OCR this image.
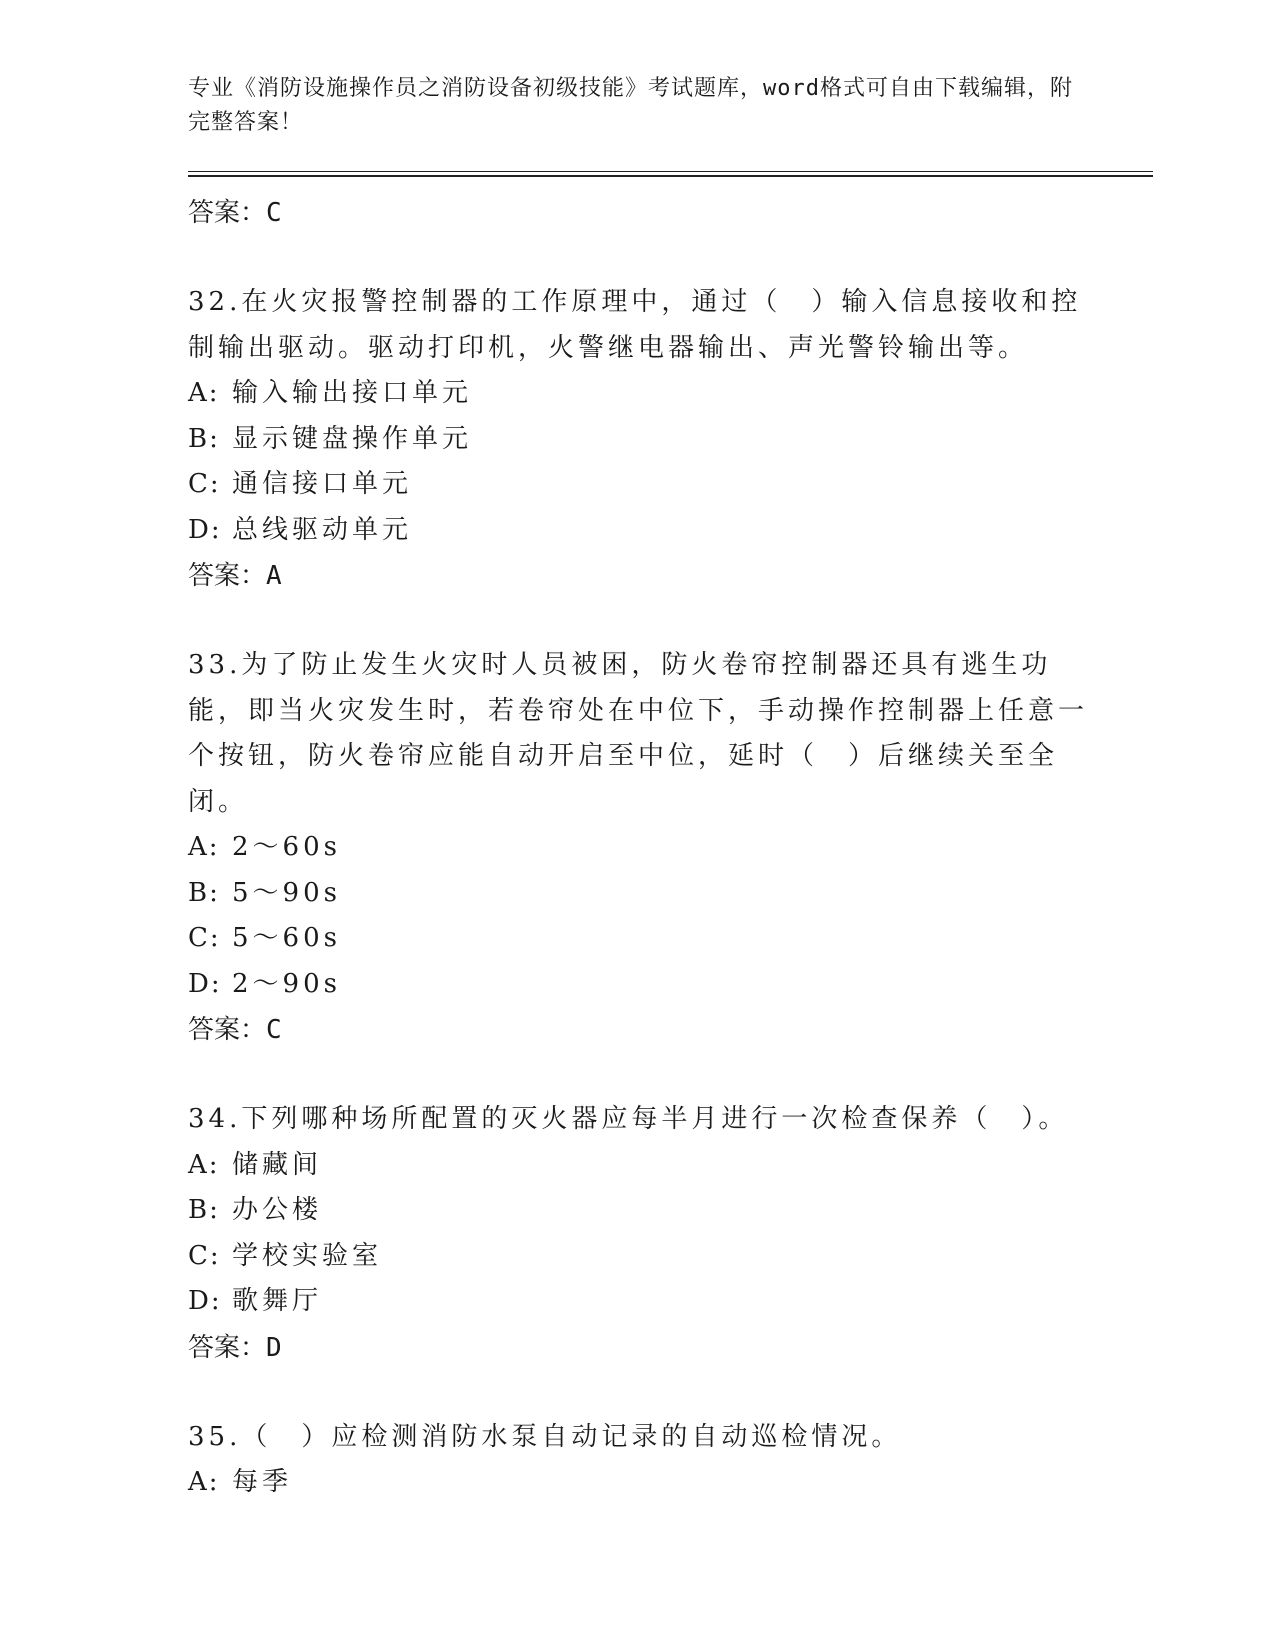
专业《消防设施操作员之消防设备初级技能》考试题库，word格式可自由下载编辑，附完整答案！
答案：C
32.在火灾报警控制器的工作原理中，通过（　）输入信息接收和控制输出驱动。驱动打印机，火警继电器输出、声光警铃输出等。
A: 输入输出接口单元
B: 显示键盘操作单元
C: 通信接口单元
D: 总线驱动单元
答案：A
33.为了防止发生火灾时人员被困，防火卷帘控制器还具有逃生功能，即当火灾发生时，若卷帘处在中位下，手动操作控制器上任意一个按钮，防火卷帘应能自动开启至中位，延时（　）后继续关至全闭。
A: 2～60s
B: 5～90s
C: 5～60s
D: 2～90s
答案：C
34.下列哪种场所配置的灭火器应每半月进行一次检查保养（　）。
A: 储藏间
B: 办公楼
C: 学校实验室
D: 歌舞厅
答案：D
35.（　）应检测消防水泵自动记录的自动巡检情况。
A: 每季
